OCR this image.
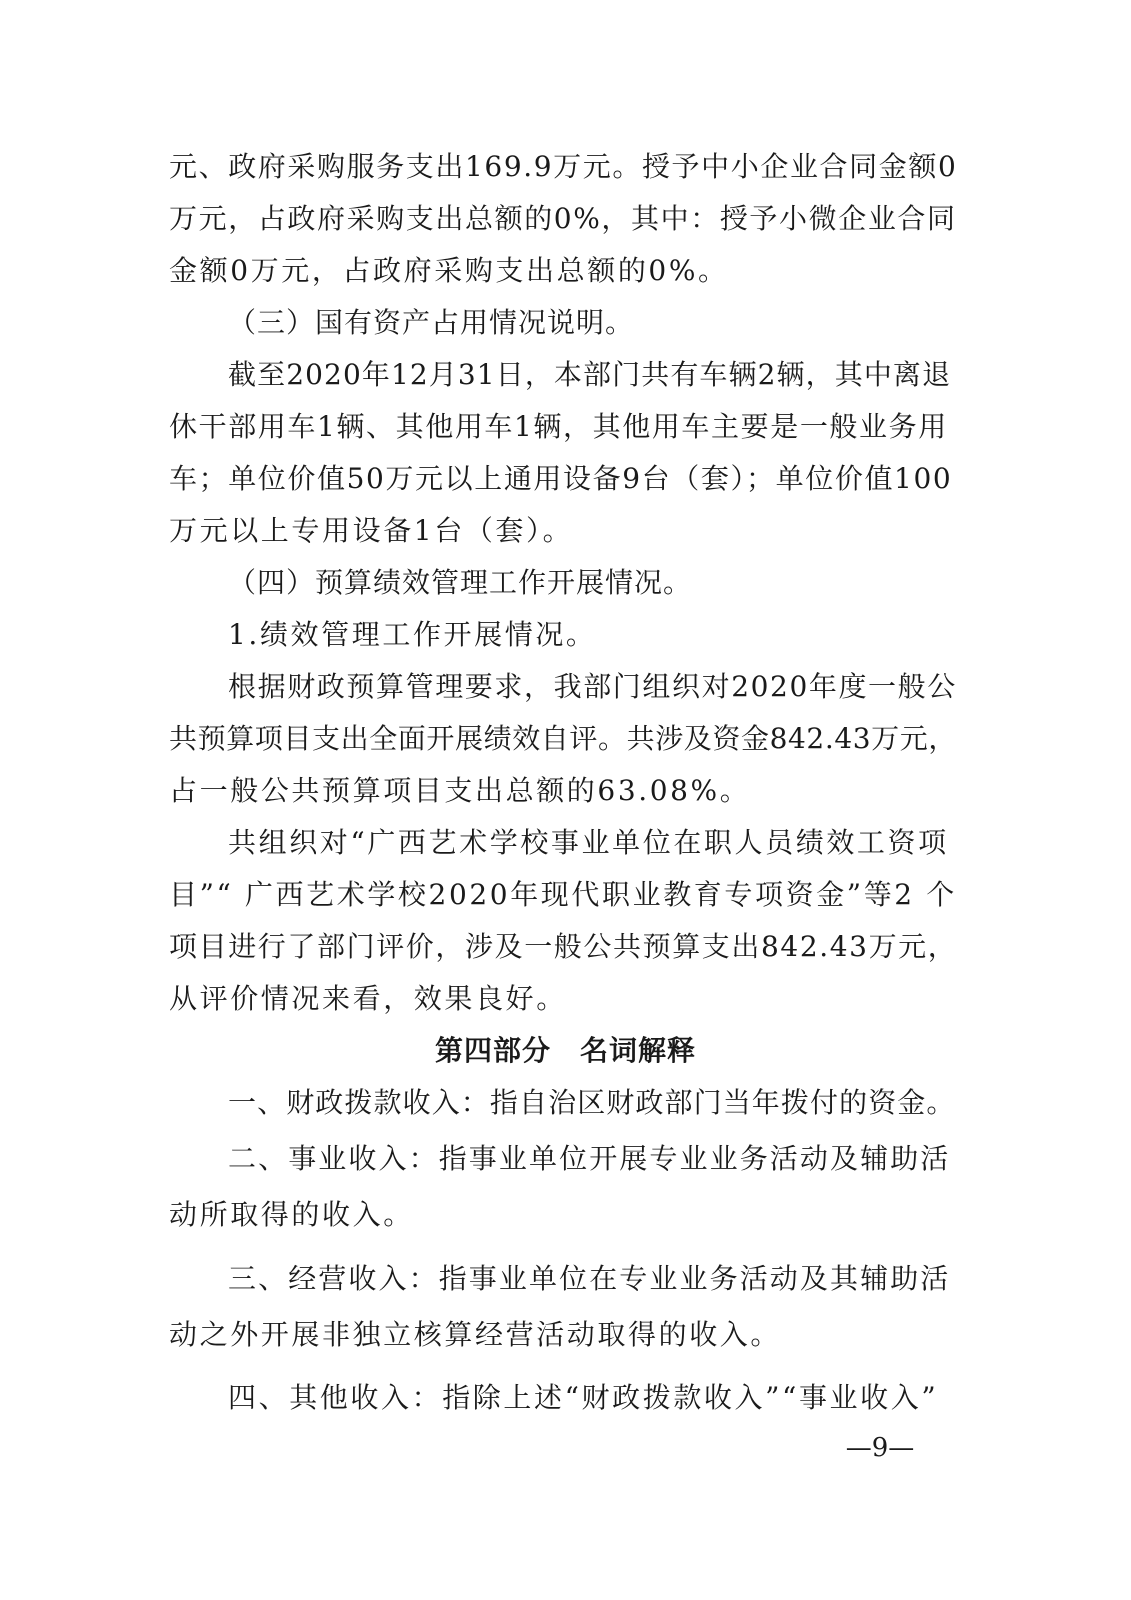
元、政府采购服务支出169.9万元。授予中小企业合同金额0
万元，占政府采购支出总额的0%，其中：授予小微企业合同
金额0万元，占政府采购支出总额的0%。
（三）国有资产占用情况说明。
截至2020年12月31日，本部门共有车辆2辆，其中离退
休干部用车1辆、其他用车1辆，其他用车主要是一般业务用
车；单位价值50万元以上通用设备9台（套）；单位价值100
万元以上专用设备1台（套）。
（四）预算绩效管理工作开展情况。
1.绩效管理工作开展情况。
根据财政预算管理要求，我部门组织对2020年度一般公
共预算项目支出全面开展绩效自评。共涉及资金842.43万元，
占一般公共预算项目支出总额的63.08%。
共组织对“广西艺术学校事业单位在职人员绩效工资项
目”“ 广西艺术学校2020年现代职业教育专项资金”等2 个
项目进行了部门评价，涉及一般公共预算支出842.43万元，
从评价情况来看，效果良好。
第四部分　名词解释
一、财政拨款收入：指自治区财政部门当年拨付的资金。
二、事业收入：指事业单位开展专业业务活动及辅助活
动所取得的收入。
三、经营收入：指事业单位在专业业务活动及其辅助活
动之外开展非独立核算经营活动取得的收入。
四、其他收入：指除上述“财政拨款收入”“事业收入”
—9—
